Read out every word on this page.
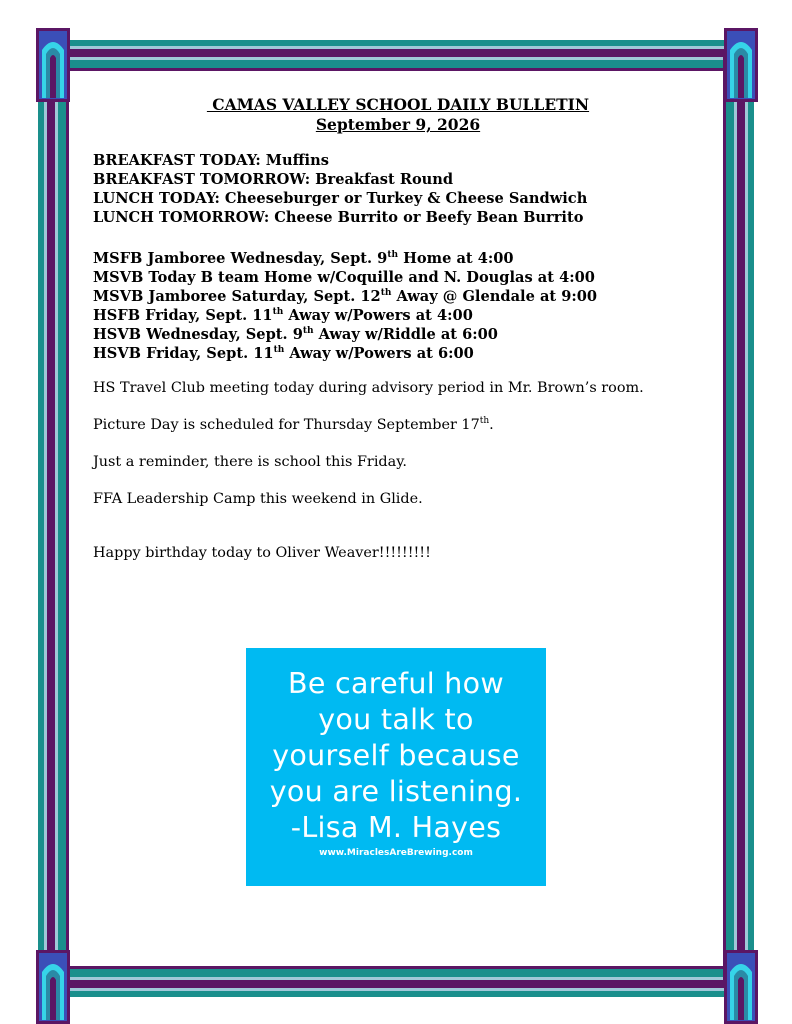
CAMAS VALLEY SCHOOL DAILY BULLETIN
September 9, 2026
BREAKFAST TODAY: Muffins
BREAKFAST TOMORROW: Breakfast Round
LUNCH TODAY: Cheeseburger or Turkey & Cheese Sandwich
LUNCH TOMORROW: Cheese Burrito or Beefy Bean Burrito
MSFB Jamboree Wednesday, Sept. 9th Home at 4:00
MSVB Today B team Home w/Coquille and N. Douglas at 4:00
MSVB Jamboree Saturday, Sept. 12th Away @ Glendale at 9:00
HSFB Friday, Sept. 11th Away w/Powers at 4:00
HSVB Wednesday, Sept. 9th Away w/Riddle at 6:00
HSVB Friday, Sept. 11th Away w/Powers at 6:00
HS Travel Club meeting today during advisory period in Mr. Brown’s room.
Picture Day is scheduled for Thursday September 17th.
Just a reminder, there is school this Friday.
FFA Leadership Camp this weekend in Glide.
Happy birthday today to Oliver Weaver!!!!!!!!!
Be careful how
you talk to
yourself because
you are listening.
-Lisa M. Hayes
www.MiraclesAreBrewing.com
